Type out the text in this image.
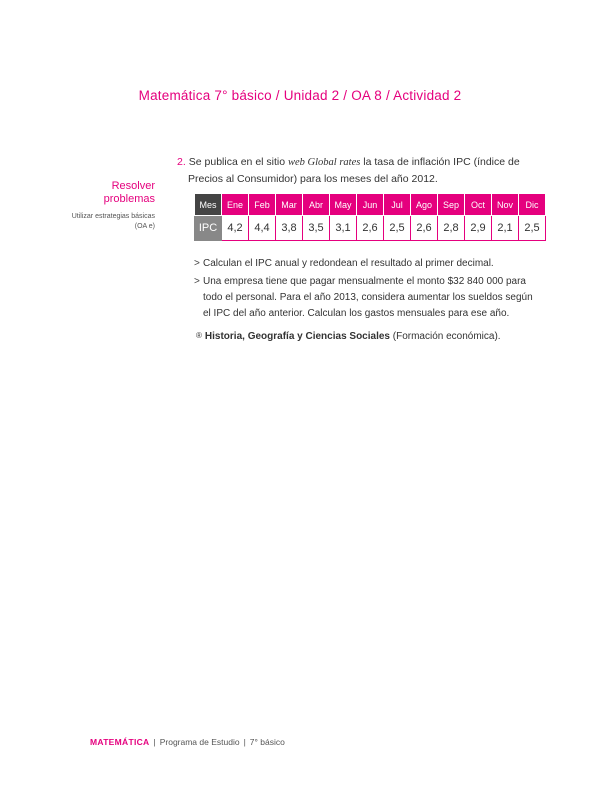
Matemática 7° básico / Unidad 2 / OA 8 / Actividad 2
Resolver
problemas
Utilizar estrategias básicas
(OA e)
2. Se publica en el sitio web Global rates la tasa de inflación IPC (índice de
Precios al Consumidor) para los meses del año 2012.
Mes	Ene	Feb	Mar	Abr	May	Jun	Jul	Ago	Sep	Oct	Nov	Dic
IPC	4,2	4,4	3,8	3,5	3,1	2,6	2,5	2,6	2,8	2,9	2,1	2,5
> Calculan el IPC anual y redondean el resultado al primer decimal.
> Una empresa tiene que pagar mensualmente el monto $32 840 000 para todo el personal. Para el año 2013, considera aumentar los sueldos según el IPC del año anterior. Calculan los gastos mensuales para ese año.
® Historia, Geografía y Ciencias Sociales (Formación económica).
MATEMÁTICA | Programa de Estudio | 7° básico
